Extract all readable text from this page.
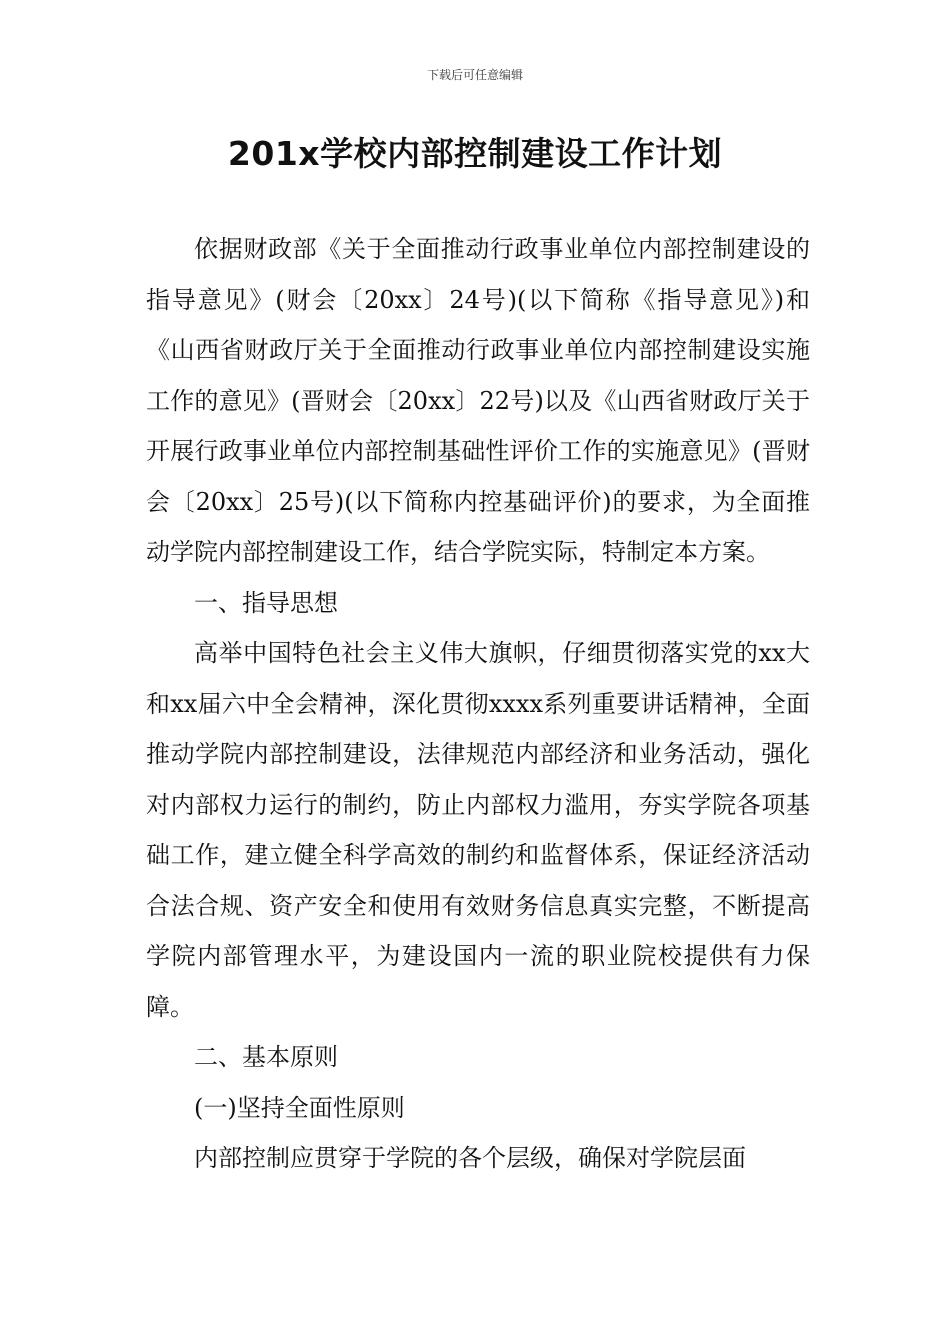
下载后可任意编辑
201x学校内部控制建设工作计划

依据财政部《关于全面推动行政事业单位内部控制建设的指导意见》(财会〔20xx〕24号)(以下简称《指导意见》)和《山西省财政厅关于全面推动行政事业单位内部控制建设实施工作的意见》(晋财会〔20xx〕22号)以及《山西省财政厅关于开展行政事业单位内部控制基础性评价工作的实施意见》(晋财会〔20xx〕25号)(以下简称内控基础评价)的要求，为全面推动学院内部控制建设工作，结合学院实际，特制定本方案。

一、指导思想

高举中国特色社会主义伟大旗帜，仔细贯彻落实党的xx大和xx届六中全会精神，深化贯彻xxxx系列重要讲话精神，全面推动学院内部控制建设，法律规范内部经济和业务活动，强化对内部权力运行的制约，防止内部权力滥用，夯实学院各项基础工作，建立健全科学高效的制约和监督体系，保证经济活动合法合规、资产安全和使用有效财务信息真实完整，不断提高学院内部管理水平，为建设国内一流的职业院校提供有力保障。

二、基本原则

(一)坚持全面性原则

内部控制应贯穿于学院的各个层级，确保对学院层面
